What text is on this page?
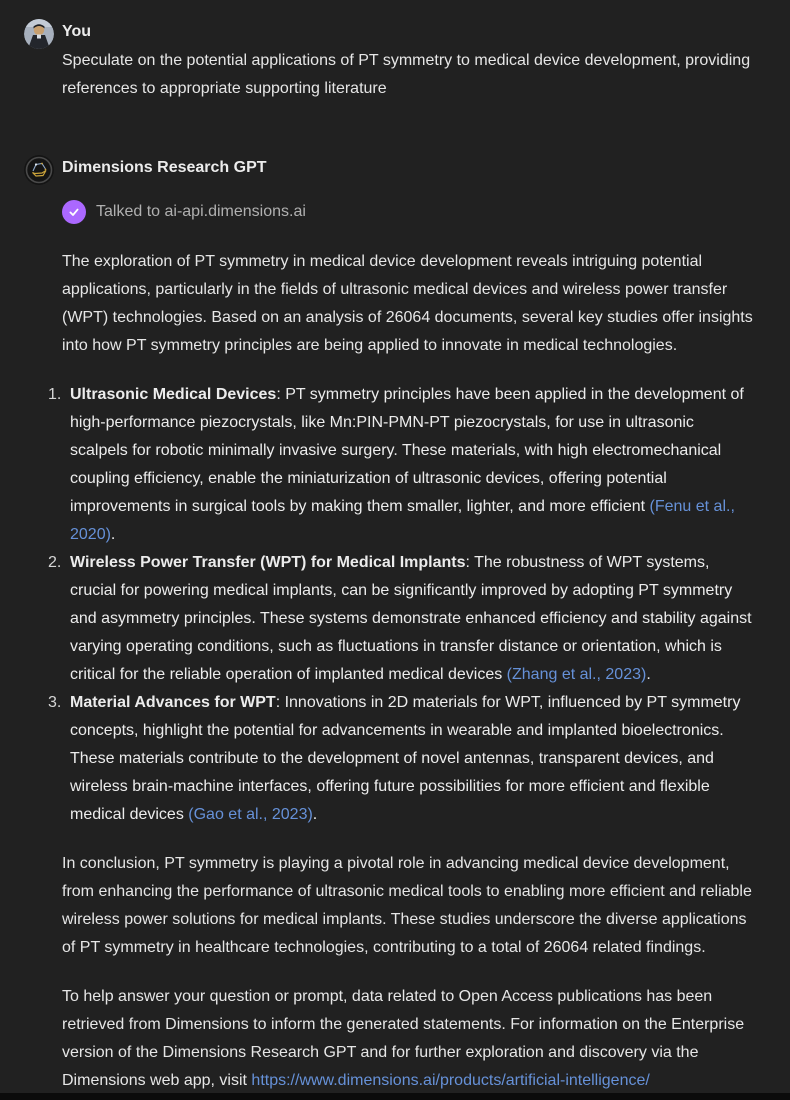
You
Speculate on the potential applications of PT symmetry to medical device development, providing references to appropriate supporting literature
Dimensions Research GPT
Talked to ai-api.dimensions.ai
The exploration of PT symmetry in medical device development reveals intriguing potential applications, particularly in the fields of ultrasonic medical devices and wireless power transfer (WPT) technologies. Based on an analysis of 26064 documents, several key studies offer insights into how PT symmetry principles are being applied to innovate in medical technologies.
1. Ultrasonic Medical Devices: PT symmetry principles have been applied in the development of high-performance piezocrystals, like Mn:PIN-PMN-PT piezocrystals, for use in ultrasonic scalpels for robotic minimally invasive surgery. These materials, with high electromechanical coupling efficiency, enable the miniaturization of ultrasonic devices, offering potential improvements in surgical tools by making them smaller, lighter, and more efficient (Fenu et al., 2020).
2. Wireless Power Transfer (WPT) for Medical Implants: The robustness of WPT systems, crucial for powering medical implants, can be significantly improved by adopting PT symmetry and asymmetry principles. These systems demonstrate enhanced efficiency and stability against varying operating conditions, such as fluctuations in transfer distance or orientation, which is critical for the reliable operation of implanted medical devices (Zhang et al., 2023).
3. Material Advances for WPT: Innovations in 2D materials for WPT, influenced by PT symmetry concepts, highlight the potential for advancements in wearable and implanted bioelectronics. These materials contribute to the development of novel antennas, transparent devices, and wireless brain-machine interfaces, offering future possibilities for more efficient and flexible medical devices (Gao et al., 2023).
In conclusion, PT symmetry is playing a pivotal role in advancing medical device development, from enhancing the performance of ultrasonic medical tools to enabling more efficient and reliable wireless power solutions for medical implants. These studies underscore the diverse applications of PT symmetry in healthcare technologies, contributing to a total of 26064 related findings.
To help answer your question or prompt, data related to Open Access publications has been retrieved from Dimensions to inform the generated statements. For information on the Enterprise version of the Dimensions Research GPT and for further exploration and discovery via the Dimensions web app, visit https://www.dimensions.ai/products/artificial-intelligence/
